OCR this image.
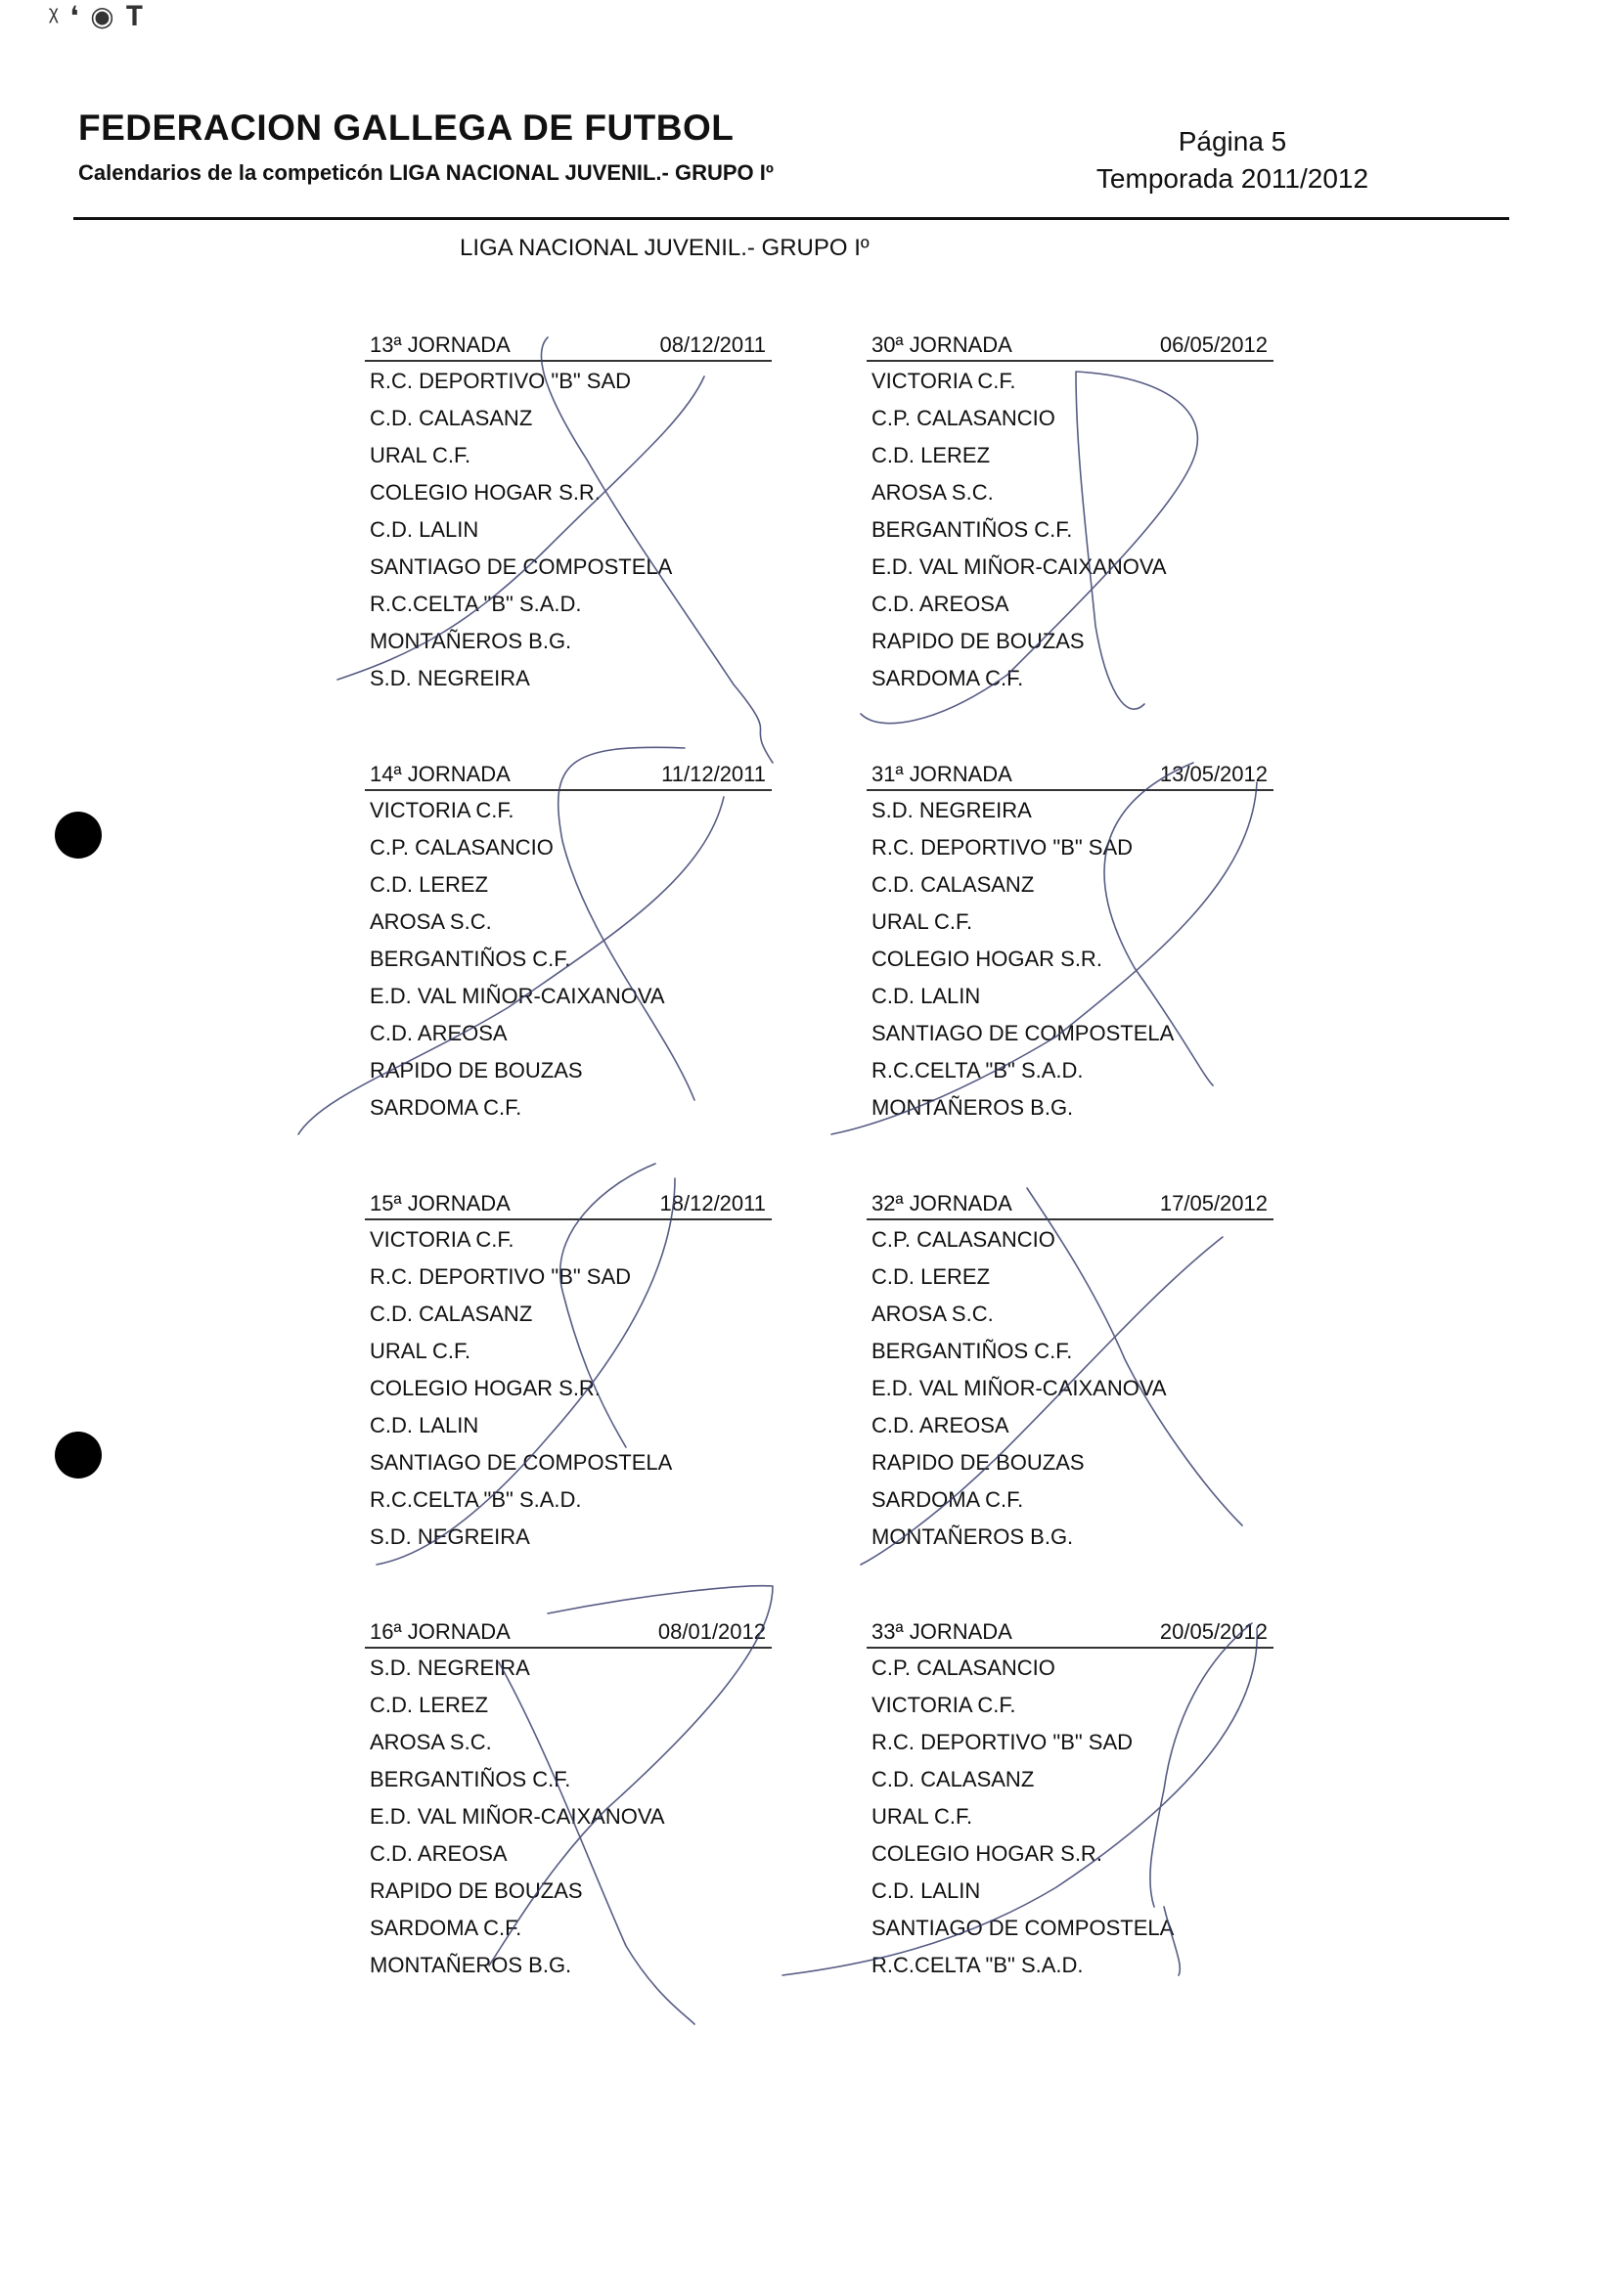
ᵡ ❛ ◉ 𝐓
FEDERACION GALLEGA DE FUTBOL
Calendarios de la competicón LIGA NACIONAL JUVENIL.- GRUPO Iº
Página 5
Temporada 2011/2012
LIGA NACIONAL JUVENIL.- GRUPO Iº
13ª JORNADA	08/12/2011
R.C. DEPORTIVO "B" SAD
C.D. CALASANZ
URAL C.F.
COLEGIO HOGAR S.R.
C.D. LALIN
SANTIAGO DE COMPOSTELA
R.C.CELTA "B" S.A.D.
MONTAÑEROS B.G.
S.D. NEGREIRA
30ª JORNADA	06/05/2012
VICTORIA C.F.
C.P. CALASANCIO
C.D. LEREZ
AROSA S.C.
BERGANTIÑOS C.F.
E.D. VAL MIÑOR-CAIXANOVA
C.D. AREOSA
RAPIDO DE BOUZAS
SARDOMA C.F.
14ª JORNADA	11/12/2011
VICTORIA C.F.
C.P. CALASANCIO
C.D. LEREZ
AROSA S.C.
BERGANTIÑOS C.F.
E.D. VAL MIÑOR-CAIXANOVA
C.D. AREOSA
RAPIDO DE BOUZAS
SARDOMA C.F.
31ª JORNADA	13/05/2012
S.D. NEGREIRA
R.C. DEPORTIVO "B" SAD
C.D. CALASANZ
URAL C.F.
COLEGIO HOGAR S.R.
C.D. LALIN
SANTIAGO DE COMPOSTELA
R.C.CELTA "B" S.A.D.
MONTAÑEROS B.G.
15ª JORNADA	18/12/2011
VICTORIA C.F.
R.C. DEPORTIVO "B" SAD
C.D. CALASANZ
URAL C.F.
COLEGIO HOGAR S.R.
C.D. LALIN
SANTIAGO DE COMPOSTELA
R.C.CELTA "B" S.A.D.
S.D. NEGREIRA
32ª JORNADA	17/05/2012
C.P. CALASANCIO
C.D. LEREZ
AROSA S.C.
BERGANTIÑOS C.F.
E.D. VAL MIÑOR-CAIXANOVA
C.D. AREOSA
RAPIDO DE BOUZAS
SARDOMA C.F.
MONTAÑEROS B.G.
16ª JORNADA	08/01/2012
S.D. NEGREIRA
C.D. LEREZ
AROSA S.C.
BERGANTIÑOS C.F.
E.D. VAL MIÑOR-CAIXANOVA
C.D. AREOSA
RAPIDO DE BOUZAS
SARDOMA C.F.
MONTAÑEROS B.G.
33ª JORNADA	20/05/2012
C.P. CALASANCIO
VICTORIA C.F.
R.C. DEPORTIVO "B" SAD
C.D. CALASANZ
URAL C.F.
COLEGIO HOGAR S.R.
C.D. LALIN
SANTIAGO DE COMPOSTELA
R.C.CELTA "B" S.A.D.
